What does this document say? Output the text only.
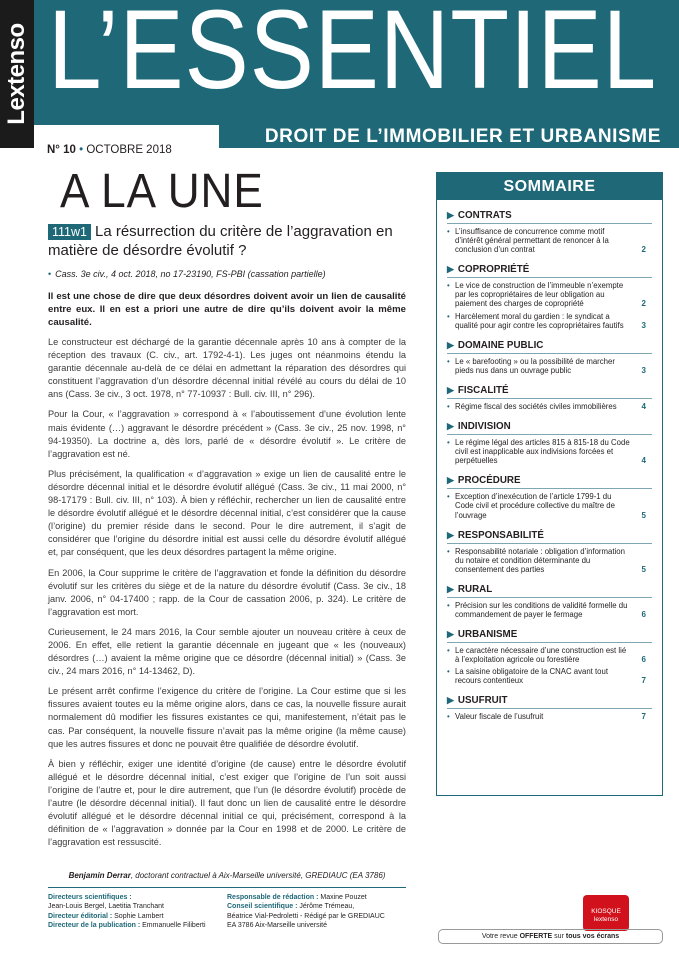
Lextenso L’ESSENTIEL
DROIT DE L’IMMOBILIER ET URBANISME
N° 10 • OCTOBRE 2018
A LA UNE
111w1 La résurrection du critère de l’aggravation en matière de désordre évolutif ?
• Cass. 3e civ., 4 oct. 2018, no 17-23190, FS-PBI (cassation partielle)
Il est une chose de dire que deux désordres doivent avoir un lien de causalité entre eux. Il en est a priori une autre de dire qu’ils doivent avoir la même causalité.

Le constructeur est déchargé de la garantie décennale après 10 ans à compter de la réception des travaux (C. civ., art. 1792-4-1). Les juges ont néanmoins étendu la garantie décennale au-delà de ce délai en admettant la réparation des désordres qui constituent l’aggravation d’un désordre décennal initial révélé au cours du délai de 10 ans (Cass. 3e civ., 3 oct. 1978, n° 77-10937 : Bull. civ. III, n° 296).

Pour la Cour, « l’aggravation » correspond à « l’aboutissement d’une évolution lente mais évidente (…) aggravant le désordre précédent » (Cass. 3e civ., 25 nov. 1998, n° 94-19350). La doctrine a, dès lors, parlé de « désordre évolutif ». Le critère de l’aggravation est né.

Plus précisément, la qualification « d’aggravation » exige un lien de causalité entre le désordre décennal initial et le désordre évolutif allégué (Cass. 3e civ., 11 mai 2000, n° 98-17179 : Bull. civ. III, n° 103). À bien y réfléchir, rechercher un lien de causalité entre le désordre évolutif allégué et le désordre décennal initial, c’est considérer que la cause (l’origine) du premier réside dans le second. Pour le dire autrement, il s’agit de considérer que l’origine du désordre initial est aussi celle du désordre évolutif allégué et, par conséquent, que les deux désordres partagent la même origine.

En 2006, la Cour supprime le critère de l’aggravation et fonde la définition du désordre évolutif sur les critères du siège et de la nature du désordre évolutif (Cass. 3e civ., 18 janv. 2006, n° 04-17400 ; rapp. de la Cour de cassation 2006, p. 324). Le critère de l’aggravation est mort.

Curieusement, le 24 mars 2016, la Cour semble ajouter un nouveau critère à ceux de 2006. En effet, elle retient la garantie décennale en jugeant que « les (nouveaux) désordres (…) avaient la même origine que ce désordre (décennal initial) » (Cass. 3e civ., 24 mars 2016, n° 14-13462, D).

Le présent arrêt confirme l’exigence du critère de l’origine. La Cour estime que si les fissures avaient toutes eu la même origine alors, dans ce cas, la nouvelle fissure aurait normalement dû modifier les fissures existantes ce qui, manifestement, n’était pas le cas. Par conséquent, la nouvelle fissure n’avait pas la même origine (la même cause) que les autres fissures et donc ne pouvait être qualifiée de désordre évolutif.

À bien y réfléchir, exiger une identité d’origine (de cause) entre le désordre évolutif allégué et le désordre décennal initial, c’est exiger que l’origine de l’un soit aussi l’origine de l’autre et, pour le dire autrement, que l’un (le désordre évolutif) procède de l’autre (le désordre décennal initial). Il faut donc un lien de causalité entre le désordre évolutif allégué et le désordre décennal initial ce qui, précisément, correspond à la définition de « l’aggravation » donnée par la Cour en 1998 et de 2000. Le critère de l’aggravation est ressuscité.

Benjamin Derrar, doctorant contractuel à Aix-Marseille université, GREDIAUC (EA 3786)
Directeurs scientifiques :
Jean-Louis Bergel, Laetitia Tranchant
Directeur éditorial : Sophie Lambert
Directeur de la publication : Emmanuelle Filiberti
Responsable de rédaction : Maxine Pouzet
Conseil scientifique : Jérôme Trémeau,
Béatrice Vial-Pedroletti - Rédigé par le GREDIAUC
EA 3786 Aix-Marseille université
SOMMAIRE
▶ CONTRATS
• L’insuffisance de concurrence comme motif d’intérêt général permettant de renoncer à la conclusion d’un contrat	2
▶ COPROPRIÉTÉ
• Le vice de construction de l’immeuble n’exempte par les copropriétaires de leur obligation au paiement des charges de copropriété	2
• Harcèlement moral du gardien : le syndicat a qualité pour agir contre les copropriétaires fautifs 3
▶ DOMAINE PUBLIC
• Le « barefooting » ou la possibilité de marcher pieds nus dans un ouvrage public	3
▶ FISCALITÉ
• Régime fiscal des sociétés civiles immobilières	4
▶ INDIVISION
• Le régime légal des articles 815 à 815-18 du Code civil est inapplicable aux indivisions forcées et perpétuelles	4
▶ PROCÉDURE
• Exception d’inexécution de l’article 1799-1 du Code civil et procédure collective du maître de l’ouvrage	5
▶ RESPONSABILITÉ
• Responsabilité notariale : obligation d’information du notaire et condition déterminante du consentement des parties	5
▶ RURAL
• Précision sur les conditions de validité formelle du commandement de payer le fermage	6
▶ URBANISME
• Le caractère nécessaire d’une construction est lié à l’exploitation agricole ou forestière	6
• La saisine obligatoire de la CNAC avant tout recours contentieux	7
▶ USUFRUIT
• Valeur fiscale de l’usufruit	7
KIOSQUE
lextenso
Votre revue OFFERTE sur tous vos écrans
